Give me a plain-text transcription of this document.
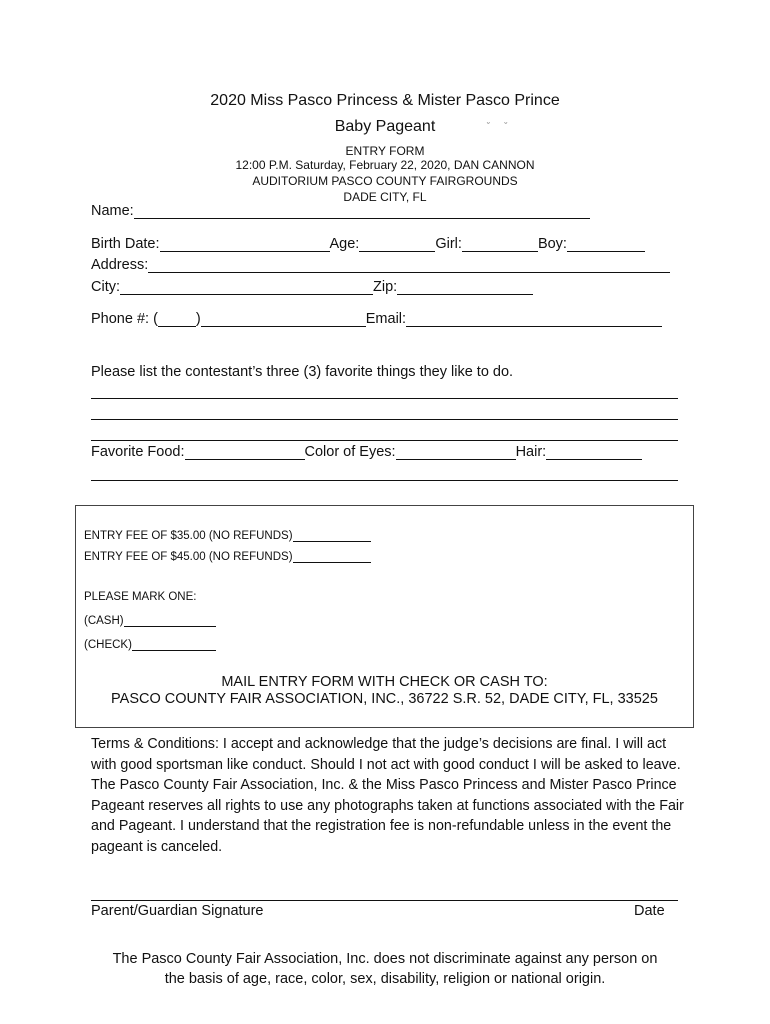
2020 Miss Pasco Princess & Mister Pasco Prince
Baby Pageant	˘ ˘
ENTRY FORM
12:00 P.M. Saturday, February 22, 2020, DAN CANNON
AUDITORIUM PASCO COUNTY FAIRGROUNDS
DADE CITY, FL
Name:
Birth Date:	Age:	Girl:	Boy:
Address:
City:	Zip:
Phone #: (	)	Email:
Please list the contestant’s three (3) favorite things they like to do.
Favorite Food:	Color of Eyes:	Hair:
ENTRY FEE OF $35.00 (NO REFUNDS)
ENTRY FEE OF $45.00 (NO REFUNDS)
PLEASE MARK ONE:
(CASH)
(CHECK)
MAIL ENTRY FORM WITH CHECK OR CASH TO:
PASCO COUNTY FAIR ASSOCIATION, INC., 36722 S.R. 52, DADE CITY, FL, 33525

Terms & Conditions: I accept and acknowledge that the judge’s decisions are final. I will act with good sportsman like conduct. Should I not act with good conduct I will be asked to leave. The Pasco County Fair Association, Inc. & the Miss Pasco Princess and Mister Pasco Prince Pageant reserves all rights to use any photographs taken at functions associated with the Fair and Pageant. I understand that the registration fee is non-refundable unless in the event the pageant is canceled.

Parent/Guardian Signature	Date
The Pasco County Fair Association, Inc. does not discriminate against any person on
the basis of age, race, color, sex, disability, religion or national origin.
